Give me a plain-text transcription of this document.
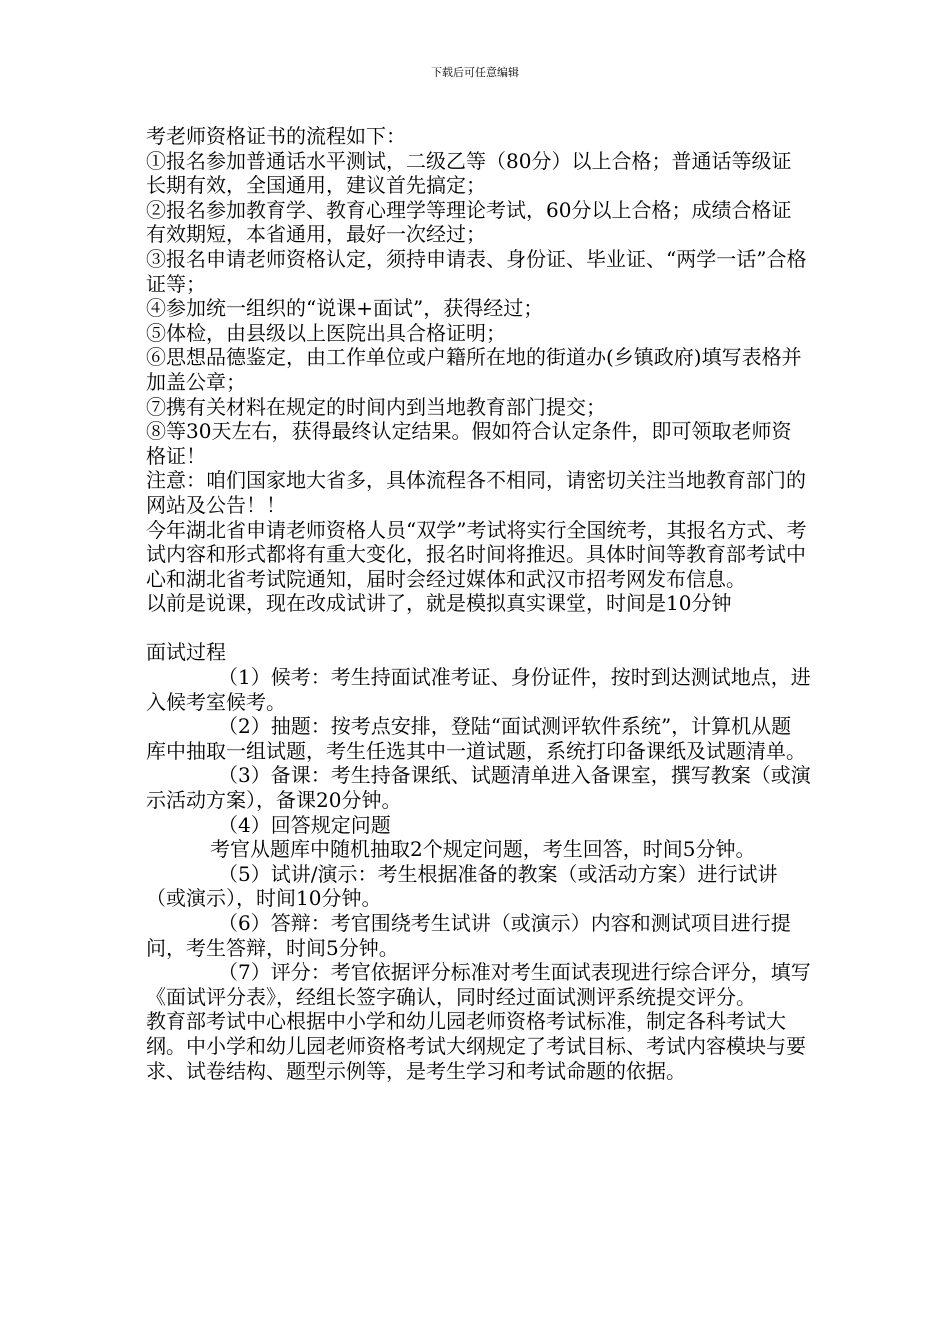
下载后可任意编辑

考老师资格证书的流程如下：

①报名参加普通话水平测试，二级乙等（80分）以上合格；普通话等级证长期有效，全国通用，建议首先搞定；

②报名参加教育学、教育心理学等理论考试，60分以上合格；成绩合格证有效期短，本省通用，最好一次经过；

③报名申请老师资格认定，须持申请表、身份证、毕业证、“两学一话”合格证等；

④参加统一组织的“说课+面试”，获得经过；

⑤体检，由县级以上医院出具合格证明；

⑥思想品德鉴定，由工作单位或户籍所在地的街道办(乡镇政府)填写表格并加盖公章；

⑦携有关材料在规定的时间内到当地教育部门提交；

⑧等30天左右，获得最终认定结果。假如符合认定条件，即可领取老师资格证！

注意：咱们国家地大省多，具体流程各不相同，请密切关注当地教育部门的网站及公告！！

今年湖北省申请老师资格人员“双学”考试将实行全国统考，其报名方式、考试内容和形式都将有重大变化，报名时间将推迟。具体时间等教育部考试中心和湖北省考试院通知，届时会经过媒体和武汉市招考网发布信息。

以前是说课，现在改成试讲了，就是模拟真实课堂，时间是10分钟

面试过程

（1）候考：考生持面试准考证、身份证件，按时到达测试地点，进入候考室候考。

（2）抽题：按考点安排，登陆“面试测评软件系统”，计算机从题库中抽取一组试题，考生任选其中一道试题，系统打印备课纸及试题清单。

（3）备课：考生持备课纸、试题清单进入备课室，撰写教案（或演示活动方案），备课20分钟。

（4）回答规定问题

考官从题库中随机抽取2个规定问题，考生回答，时间5分钟。

（5）试讲/演示：考生根据准备的教案（或活动方案）进行试讲（或演示），时间10分钟。

（6）答辩：考官围绕考生试讲（或演示）内容和测试项目进行提问，考生答辩，时间5分钟。

（7）评分：考官依据评分标准对考生面试表现进行综合评分，填写《面试评分表》，经组长签字确认，同时经过面试测评系统提交评分。

教育部考试中心根据中小学和幼儿园老师资格考试标准，制定各科考试大纲。中小学和幼儿园老师资格考试大纲规定了考试目标、考试内容模块与要求、试卷结构、题型示例等，是考生学习和考试命题的依据。
